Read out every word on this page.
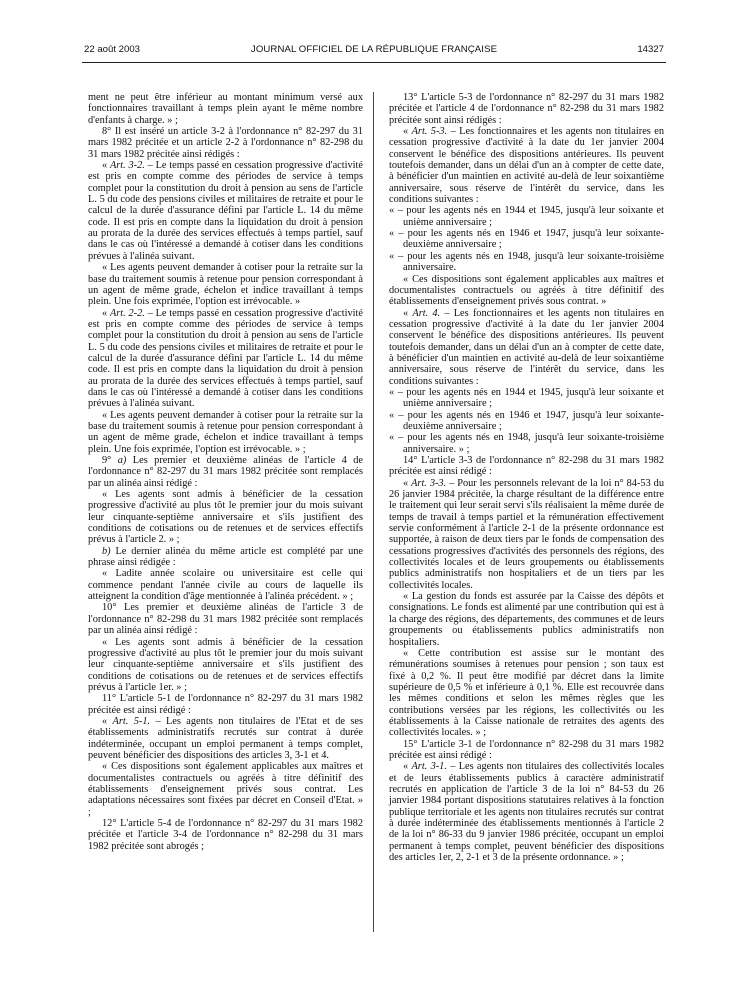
22 août 2003	JOURNAL OFFICIEL DE LA RÉPUBLIQUE FRANÇAISE	14327

ment ne peut être inférieur au montant minimum versé aux fonctionnaires travaillant à temps plein ayant le même nombre d'enfants à charge. » ;

8° Il est inséré un article 3-2 à l'ordonnance n° 82-297 du 31 mars 1982 précitée et un article 2-2 à l'ordonnance n° 82-298 du 31 mars 1982 précitée ainsi rédigés :

« Art. 3-2. – Le temps passé en cessation progressive d'activité est pris en compte comme des périodes de service à temps complet pour la constitution du droit à pension au sens de l'article L. 5 du code des pensions civiles et militaires de retraite et pour le calcul de la durée d'assurance défini par l'article L. 14 du même code. Il est pris en compte dans la liquidation du droit à pension au prorata de la durée des services effectués à temps partiel, sauf dans le cas où l'intéressé a demandé à cotiser dans les conditions prévues à l'alinéa suivant.

« Les agents peuvent demander à cotiser pour la retraite sur la base du traitement soumis à retenue pour pension correspondant à un agent de même grade, échelon et indice travaillant à temps plein. Une fois exprimée, l'option est irrévocable. »

« Art. 2-2. – Le temps passé en cessation progressive d'activité est pris en compte comme des périodes de service à temps complet pour la constitution du droit à pension au sens de l'article L. 5 du code des pensions civiles et militaires de retraite et pour le calcul de la durée d'assurance défini par l'article L. 14 du même code. Il est pris en compte dans la liquidation du droit à pension au prorata de la durée des services effectués à temps partiel, sauf dans le cas où l'intéressé a demandé à cotiser dans les conditions prévues à l'alinéa suivant.

« Les agents peuvent demander à cotiser pour la retraite sur la base du traitement soumis à retenue pour pension correspondant à un agent de même grade, échelon et indice travaillant à temps plein. Une fois exprimée, l'option est irrévocable. » ;

9° a) Les premier et deuxième alinéas de l'article 4 de l'ordonnance n° 82-297 du 31 mars 1982 précitée sont remplacés par un alinéa ainsi rédigé :

« Les agents sont admis à bénéficier de la cessation progressive d'activité au plus tôt le premier jour du mois suivant leur cinquante-septième anniversaire et s'ils justifient des conditions de cotisations ou de retenues et de services effectifs prévus à l'article 2. » ;

b) Le dernier alinéa du même article est complété par une phrase ainsi rédigée :

« Ladite année scolaire ou universitaire est celle qui commence pendant l'année civile au cours de laquelle ils atteignent la condition d'âge mentionnée à l'alinéa précédent. » ;

10° Les premier et deuxième alinéas de l'article 3 de l'ordonnance n° 82-298 du 31 mars 1982 précitée sont remplacés par un alinéa ainsi rédigé :

« Les agents sont admis à bénéficier de la cessation progressive d'activité au plus tôt le premier jour du mois suivant leur cinquante-septième anniversaire et s'ils justifient des conditions de cotisations ou de retenues et de services effectifs prévus à l'article 1er. » ;

11° L'article 5-1 de l'ordonnance n° 82-297 du 31 mars 1982 précitée est ainsi rédigé :

« Art. 5-1. – Les agents non titulaires de l'Etat et de ses établissements administratifs recrutés sur contrat à durée indéterminée, occupant un emploi permanent à temps complet, peuvent bénéficier des dispositions des articles 3, 3-1 et 4.

« Ces dispositions sont également applicables aux maîtres et documentalistes contractuels ou agréés à titre définitif des établissements d'enseignement privés sous contrat. Les adaptations nécessaires sont fixées par décret en Conseil d'Etat. » ;

12° L'article 5-4 de l'ordonnance n° 82-297 du 31 mars 1982 précitée et l'article 3-4 de l'ordonnance n° 82-298 du 31 mars 1982 précitée sont abrogés ;

13° L'article 5-3 de l'ordonnance n° 82-297 du 31 mars 1982 précitée et l'article 4 de l'ordonnance n° 82-298 du 31 mars 1982 précitée sont ainsi rédigés :

« Art. 5-3. – Les fonctionnaires et les agents non titulaires en cessation progressive d'activité à la date du 1er janvier 2004 conservent le bénéfice des dispositions antérieures. Ils peuvent toutefois demander, dans un délai d'un an à compter de cette date, à bénéficier d'un maintien en activité au-delà de leur soixantième anniversaire, sous réserve de l'intérêt du service, dans les conditions suivantes :

« – pour les agents nés en 1944 et 1945, jusqu'à leur soixante et unième anniversaire ;

« – pour les agents nés en 1946 et 1947, jusqu'à leur soixante-deuxième anniversaire ;

« – pour les agents nés en 1948, jusqu'à leur soixante-troisième anniversaire.

« Ces dispositions sont également applicables aux maîtres et documentalistes contractuels ou agréés à titre définitif des établissements d'enseignement privés sous contrat. »

« Art. 4. – Les fonctionnaires et les agents non titulaires en cessation progressive d'activité à la date du 1er janvier 2004 conservent le bénéfice des dispositions antérieures. Ils peuvent toutefois demander, dans un délai d'un an à compter de cette date, à bénéficier d'un maintien en activité au-delà de leur soixantième anniversaire, sous réserve de l'intérêt du service, dans les conditions suivantes :

« – pour les agents nés en 1944 et 1945, jusqu'à leur soixante et unième anniversaire ;

« – pour les agents nés en 1946 et 1947, jusqu'à leur soixante-deuxième anniversaire ;

« – pour les agents nés en 1948, jusqu'à leur soixante-troisième anniversaire. » ;

14° L'article 3-3 de l'ordonnance n° 82-298 du 31 mars 1982 précitée est ainsi rédigé :

« Art. 3-3. – Pour les personnels relevant de la loi n° 84-53 du 26 janvier 1984 précitée, la charge résultant de la différence entre le traitement qui leur serait servi s'ils réalisaient la même durée de temps de travail à temps partiel et la rémunération effectivement servie conformément à l'article 2-1 de la présente ordonnance est supportée, à raison de deux tiers par le fonds de compensation des cessations progressives d'activités des personnels des régions, des collectivités locales et de leurs groupements ou établissements publics administratifs non hospitaliers et de un tiers par les collectivités locales.

« La gestion du fonds est assurée par la Caisse des dépôts et consignations. Le fonds est alimenté par une contribution qui est à la charge des régions, des départements, des communes et de leurs groupements ou établissements publics administratifs non hospitaliers.

« Cette contribution est assise sur le montant des rémunérations soumises à retenues pour pension ; son taux est fixé à 0,2 %. Il peut être modifié par décret dans la limite supérieure de 0,5 % et inférieure à 0,1 %. Elle est recouvrée dans les mêmes conditions et selon les mêmes règles que les contributions versées par les régions, les collectivités ou les établissements à la Caisse nationale de retraites des agents des collectivités locales. » ;

15° L'article 3-1 de l'ordonnance n° 82-298 du 31 mars 1982 précitée est ainsi rédigé :

« Art. 3-1. – Les agents non titulaires des collectivités locales et de leurs établissements publics à caractère administratif recrutés en application de l'article 3 de la loi n° 84-53 du 26 janvier 1984 portant dispositions statutaires relatives à la fonction publique territoriale et les agents non titulaires recrutés sur contrat à durée indéterminée des établissements mentionnés à l'article 2 de la loi n° 86-33 du 9 janvier 1986 précitée, occupant un emploi permanent à temps complet, peuvent bénéficier des dispositions des articles 1er, 2, 2-1 et 3 de la présente ordonnance. » ;
